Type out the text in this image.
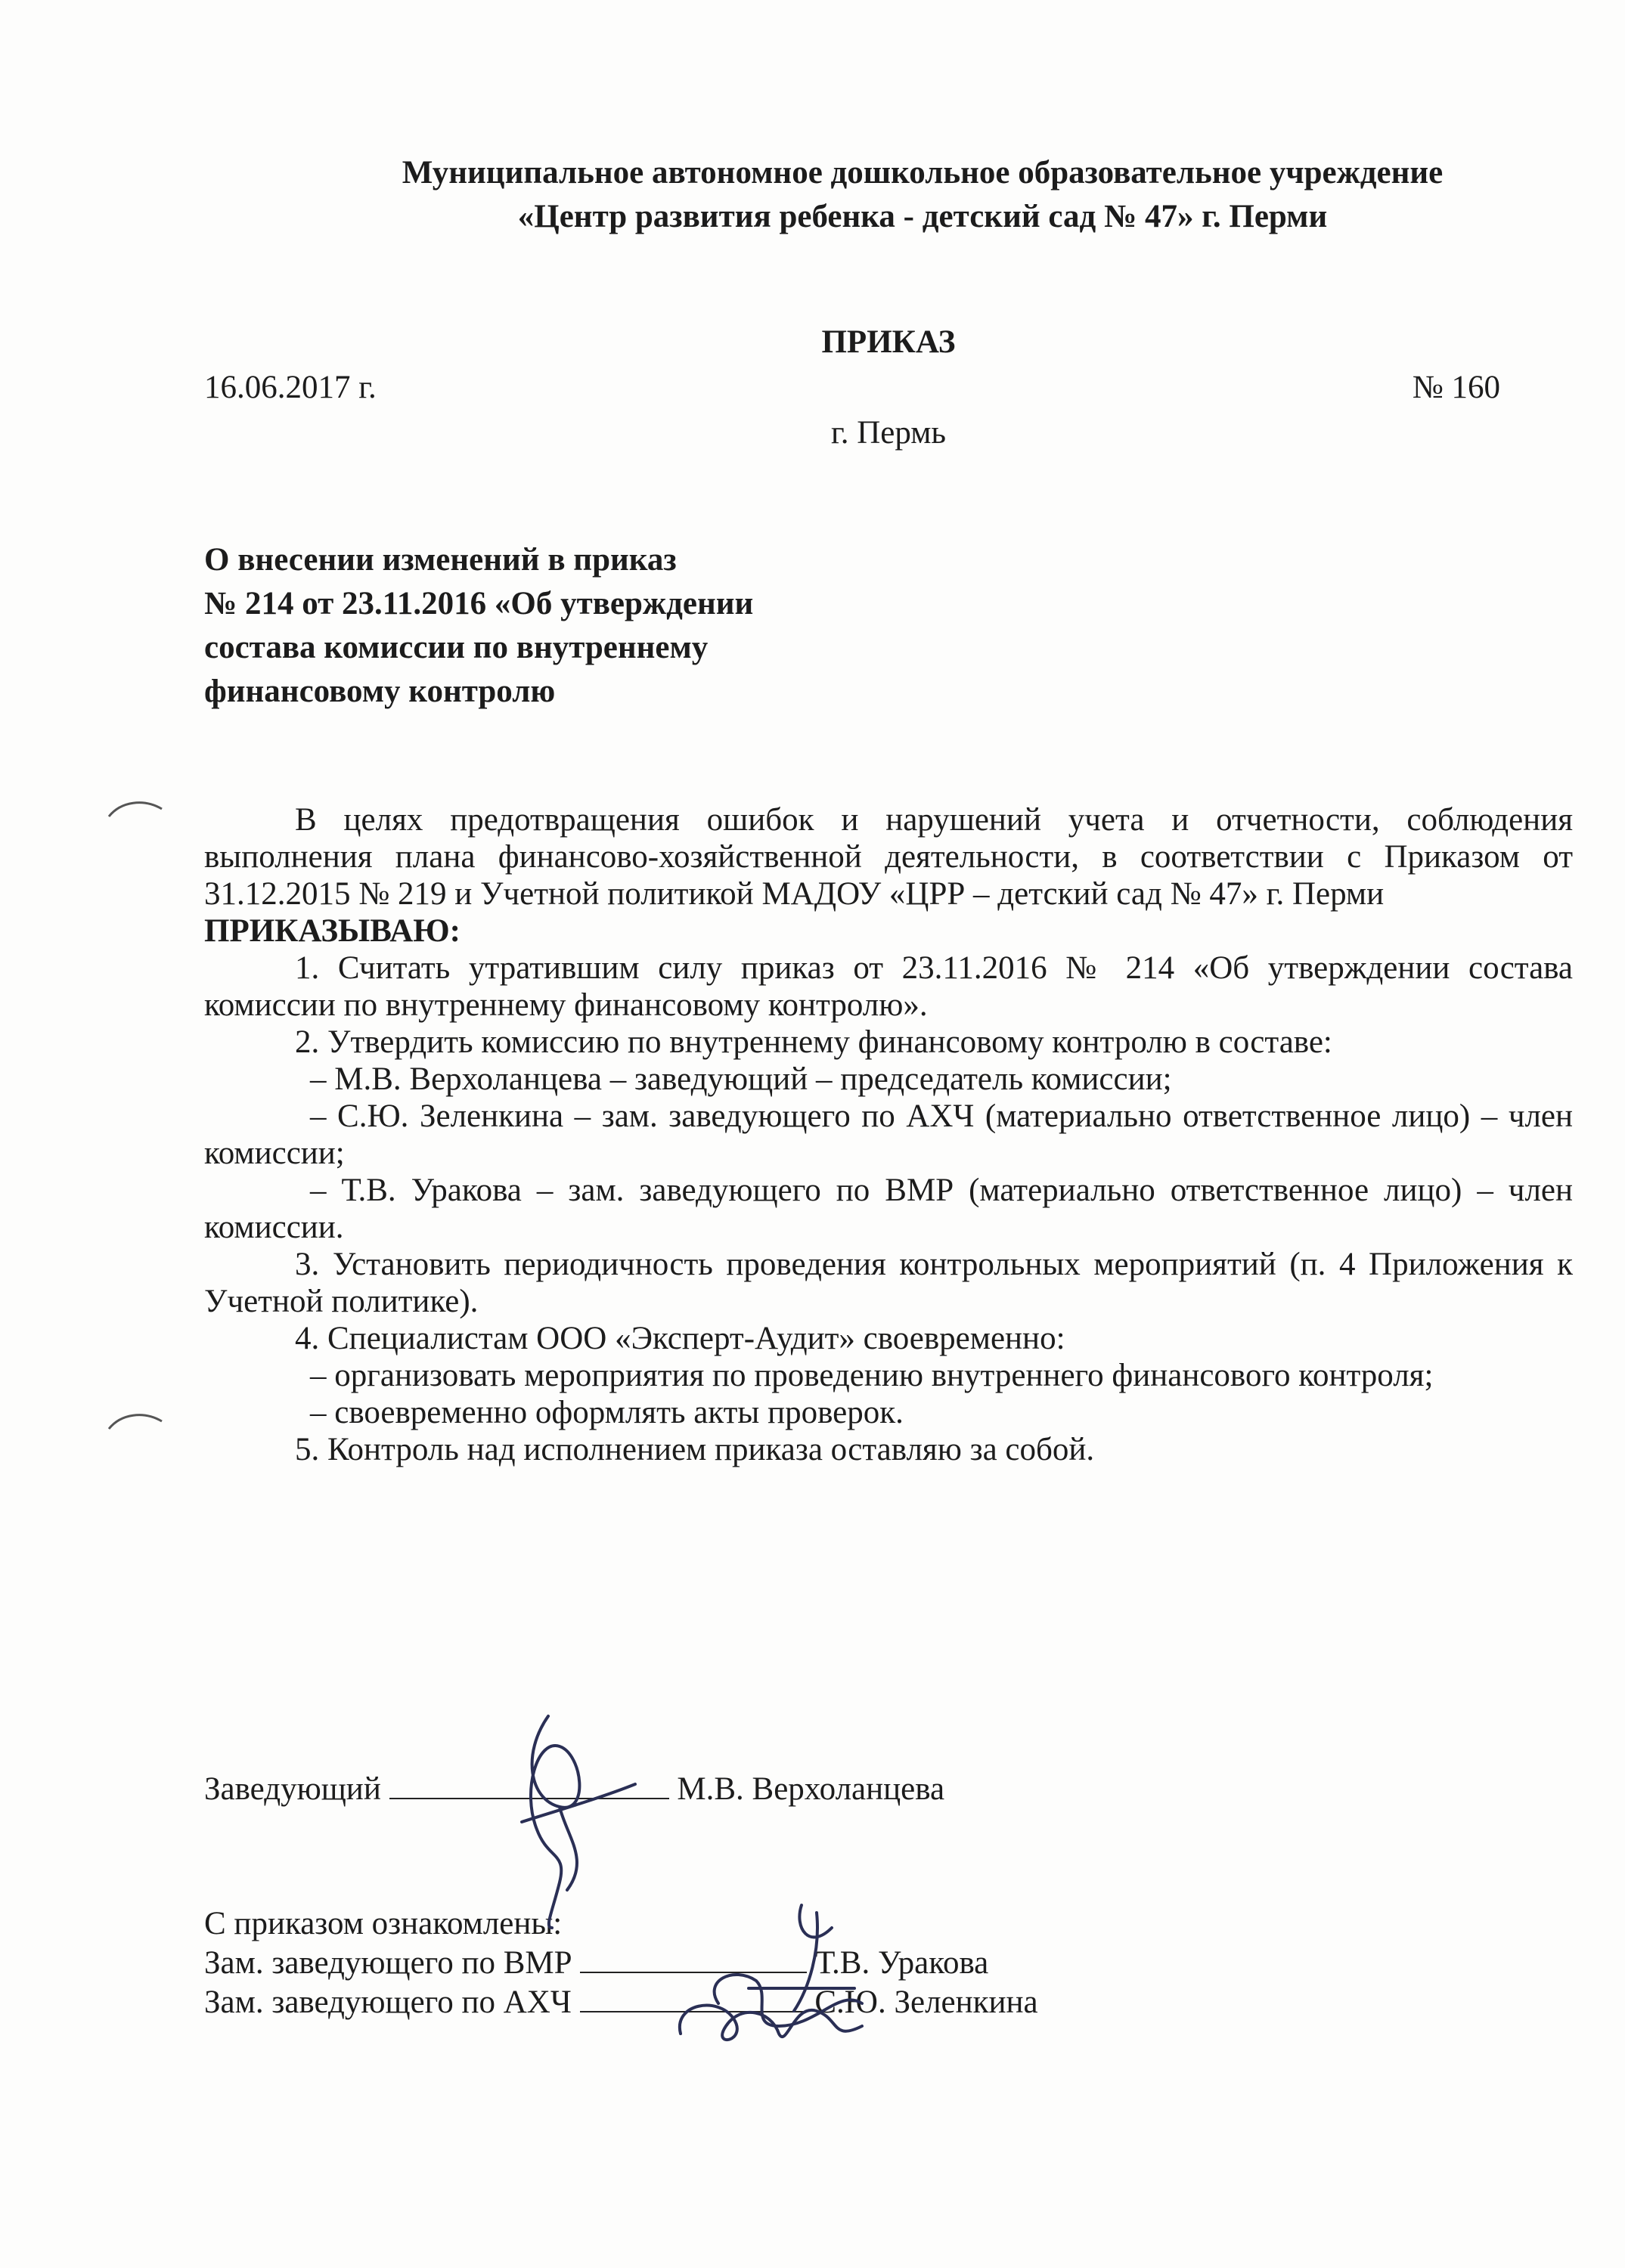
Муниципальное автономное дошкольное образовательное учреждение
«Центр развития ребенка - детский сад № 47» г. Перми
ПРИКАЗ
16.06.2017 г.	№ 160
г. Пермь
О внесении изменений в приказ
№ 214 от 23.11.2016 «Об утверждении
состава комиссии по внутреннему
финансовому контролю

В целях предотвращения ошибок и нарушений учета и отчетности, соблюдения выполнения плана финансово-хозяйственной деятельности, в соответствии с Приказом от 31.12.2015 № 219 и Учетной политикой МАДОУ «ЦРР – детский сад № 47» г. Перми

ПРИКАЗЫВАЮ:

1. Считать утратившим силу приказ от 23.11.2016 № 214 «Об утверждении состава комиссии по внутреннему финансовому контролю».

2. Утвердить комиссию по внутреннему финансовому контролю в составе:

– М.В. Верхоланцева – заведующий – председатель комиссии;

– С.Ю. Зеленкина – зам. заведующего по АХЧ (материально ответственное лицо) – член комиссии;

– Т.В. Уракова – зам. заведующего по ВМР (материально ответственное лицо) – член комиссии.

3. Установить периодичность проведения контрольных мероприятий (п. 4 Приложения к Учетной политике).

4. Специалистам ООО «Эксперт-Аудит» своевременно:

– организовать мероприятия по проведению внутреннего финансового контроля;

– своевременно оформлять акты проверок.

5. Контроль над исполнением приказа оставляю за собой.

Заведующий	М.В. Верхоланцева
С приказом ознакомлены:
Зам. заведующего по ВМР	Т.В. Уракова
Зам. заведующего по АХЧ	С.Ю. Зеленкина
